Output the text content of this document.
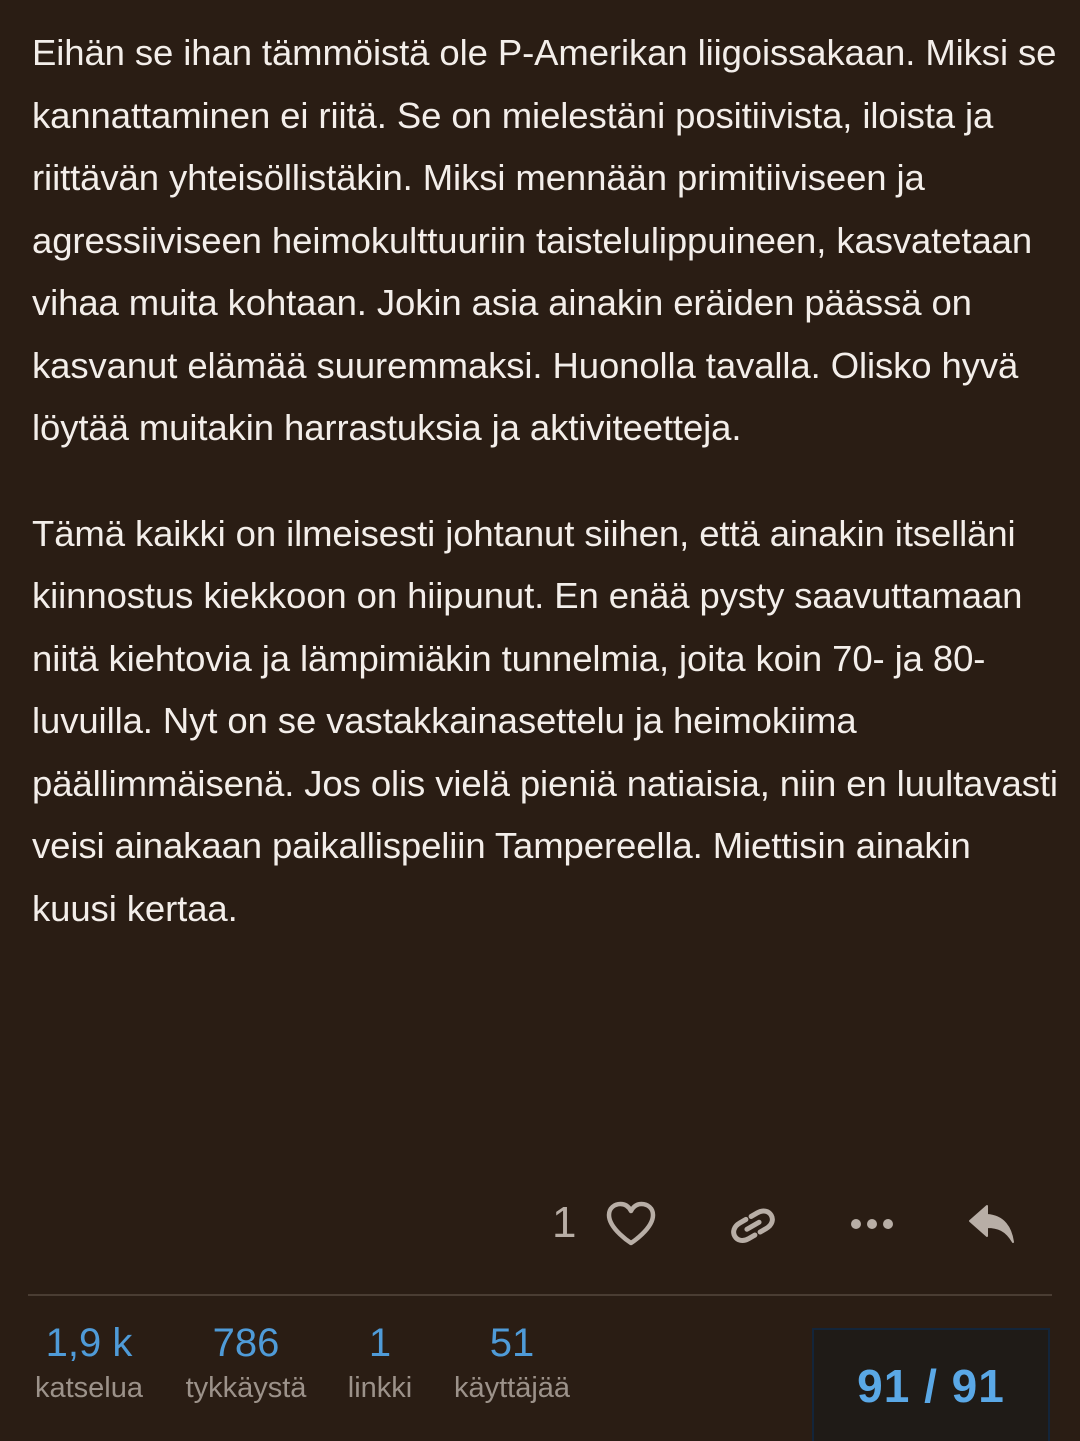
Eihän se ihan tämmöistä ole P-Amerikan liigoissakaan. Miksi se kannattaminen ei riitä. Se on mielestäni positiivista, iloista ja riittävän yhteisöllistäkin. Miksi mennään primitiiviseen ja agressiiviseen heimokulttuuriin taistelulippuineen, kasvatetaan vihaa muita kohtaan. Jokin asia ainakin eräiden päässä on kasvanut elämää suuremmaksi. Huonolla tavalla. Olisko hyvä löytää muitakin harrastuksia ja aktiviteetteja.

Tämä kaikki on ilmeisesti johtanut siihen, että ainakin itselläni kiinnostus kiekkoon on hiipunut. En enää pysty saavuttamaan niitä kiehtovia ja lämpimiäkin tunnelmia, joita koin 70- ja 80-luvuilla. Nyt on se vastakkainasettelu ja heimokiima päällimmäisenä. Jos olis vielä pieniä natiaisia, niin en luultavasti veisi ainakaan paikallispeliin Tampereella. Miettisin ainakin kuusi kertaa.

1
1,9 k
katselua
786
tykkäystä
1
linkki
51
käyttäjää	91 / 91
